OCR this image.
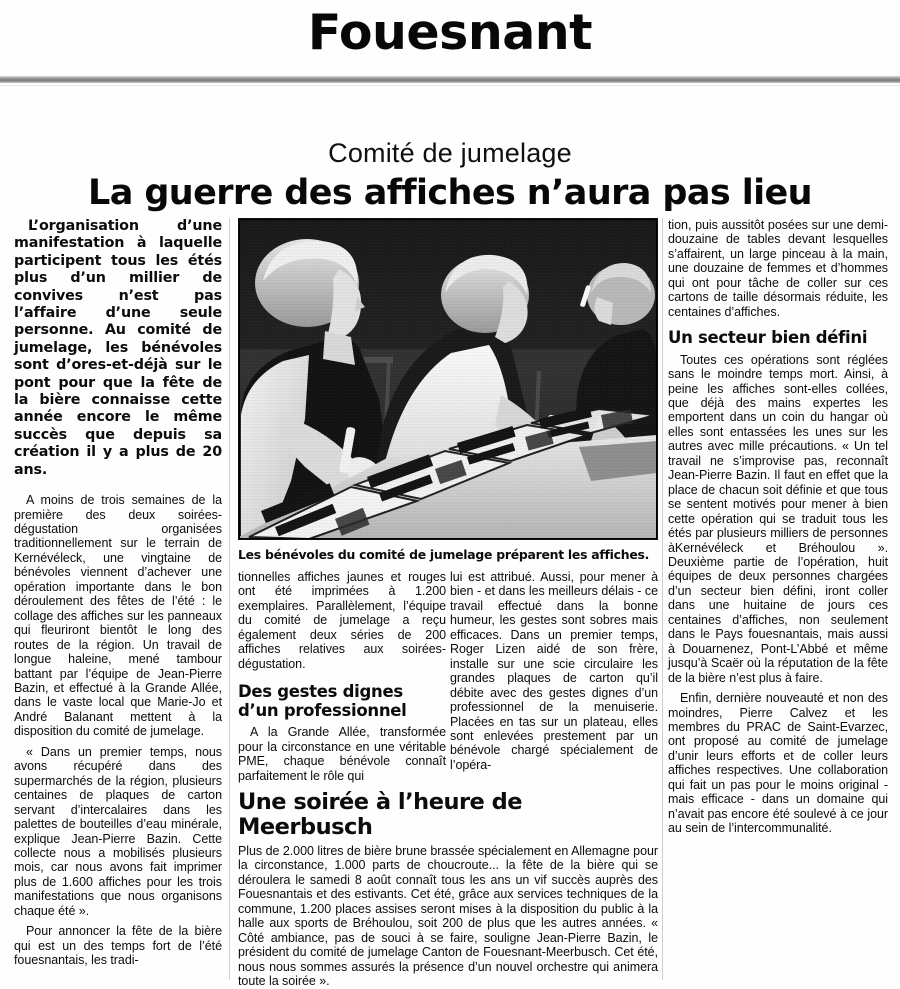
Fouesnant
Comité de jumelage
La guerre des affiches n’aura pas lieu

L’organisation d’une manifestation à laquelle participent tous les étés plus d’un millier de convives n’est pas l’affaire d’une seule personne. Au comité de jumelage, les bénévoles sont d’ores-et-déjà sur le pont pour que la fête de la bière connaisse cette année encore le même succès que depuis sa création il y a plus de 20 ans.

A moins de trois semaines de la première des deux soirées-dégustation organisées traditionnellement sur le terrain de Kernévéleck, une vingtaine de bénévoles viennent d’achever une opération importante dans le bon déroulement des fêtes de l’été : le collage des affiches sur les panneaux qui fleuriront bientôt le long des routes de la région. Un travail de longue haleine, mené tambour battant par l’équipe de Jean-Pierre Bazin, et effectué à la Grande Allée, dans le vaste local que Marie-Jo et André Balanant mettent à la disposition du comité de jumelage.

« Dans un premier temps, nous avons récupéré dans des supermarchés de la région, plusieurs centaines de plaques de carton servant d’intercalaires dans les palettes de bouteilles d’eau minérale, explique Jean-Pierre Bazin. Cette collecte nous a mobilisés plusieurs mois, car nous avons fait imprimer plus de 1.600 affiches pour les trois manifestations que nous organisons chaque été ».

Pour annoncer la fête de la bière qui est un des temps fort de l’été fouesnantais, les tradi-

Les bénévoles du comité de jumelage préparent les affiches.

tionnelles affiches jaunes et rouges ont été imprimées à 1.200 exemplaires. Parallèlement, l’équipe du comité de jumelage a reçu également deux séries de 200 affiches relatives aux soirées-dégustation.

Des gestes dignes d’un professionnel

A la Grande Allée, transformée pour la circonstance en une véritable PME, chaque bénévole connaît parfaitement le rôle qui

lui est attribué. Aussi, pour mener à bien - et dans les meilleurs délais - ce travail effectué dans la bonne humeur, les gestes sont sobres mais efficaces. Dans un premier temps, Roger Lizen aidé de son frère, installe sur une scie circulaire les grandes plaques de carton qu’il débite avec des gestes dignes d’un professionnel de la menuiserie. Placées en tas sur un plateau, elles sont enlevées prestement par un bénévole chargé spécialement de l’opéra-

Une soirée à l’heure de Meerbusch

Plus de 2.000 litres de bière brune brassée spécialement en Allemagne pour la circonstance, 1.000 parts de choucroute... la fête de la bière qui se déroulera le samedi 8 août connaît tous les ans un vif succès auprès des Fouesnantais et des estivants. Cet été, grâce aux services techniques de la commune, 1.200 places assises seront mises à la disposition du public à la halle aux sports de Bréhoulou, soit 200 de plus que les autres années. « Côté ambiance, pas de souci à se faire, souligne Jean-Pierre Bazin, le président du comité de jumelage Canton de Fouesnant-Meerbusch. Cet été, nous nous sommes assurés la présence d’un nouvel orchestre qui animera toute la soirée ».

tion, puis aussitôt posées sur une demi-douzaine de tables devant lesquelles s’affairent, un large pinceau à la main, une douzaine de femmes et d’hommes qui ont pour tâche de coller sur ces cartons de taille désormais réduite, les centaines d’affiches.

Un secteur bien défini

Toutes ces opérations sont réglées sans le moindre temps mort. Ainsi, à peine les affiches sont-elles collées, que déjà des mains expertes les emportent dans un coin du hangar où elles sont entassées les unes sur les autres avec mille précautions. « Un tel travail ne s’improvise pas, reconnaît Jean-Pierre Bazin. Il faut en effet que la place de chacun soit définie et que tous se sentent motivés pour mener à bien cette opération qui se traduit tous les étés par plusieurs milliers de personnes àKernévéleck et Bréhoulou ». Deuxième partie de l’opération, huit équipes de deux personnes chargées d’un secteur bien défini, iront coller dans une huitaine de jours ces centaines d’affiches, non seulement dans le Pays fouesnantais, mais aussi à Douarnenez, Pont-L’Abbé et même jusqu’à Scaër où la réputation de la fête de la bière n’est plus à faire.

Enfin, dernière nouveauté et non des moindres, Pierre Calvez et les membres du PRAC de Saint-Evarzec, ont proposé au comité de jumelage d’unir leurs efforts et de coller leurs affiches respectives. Une collaboration qui fait un pas pour le moins original - mais efficace - dans un domaine qui n’avait pas encore été soulevé à ce jour au sein de l’intercommunalité.
